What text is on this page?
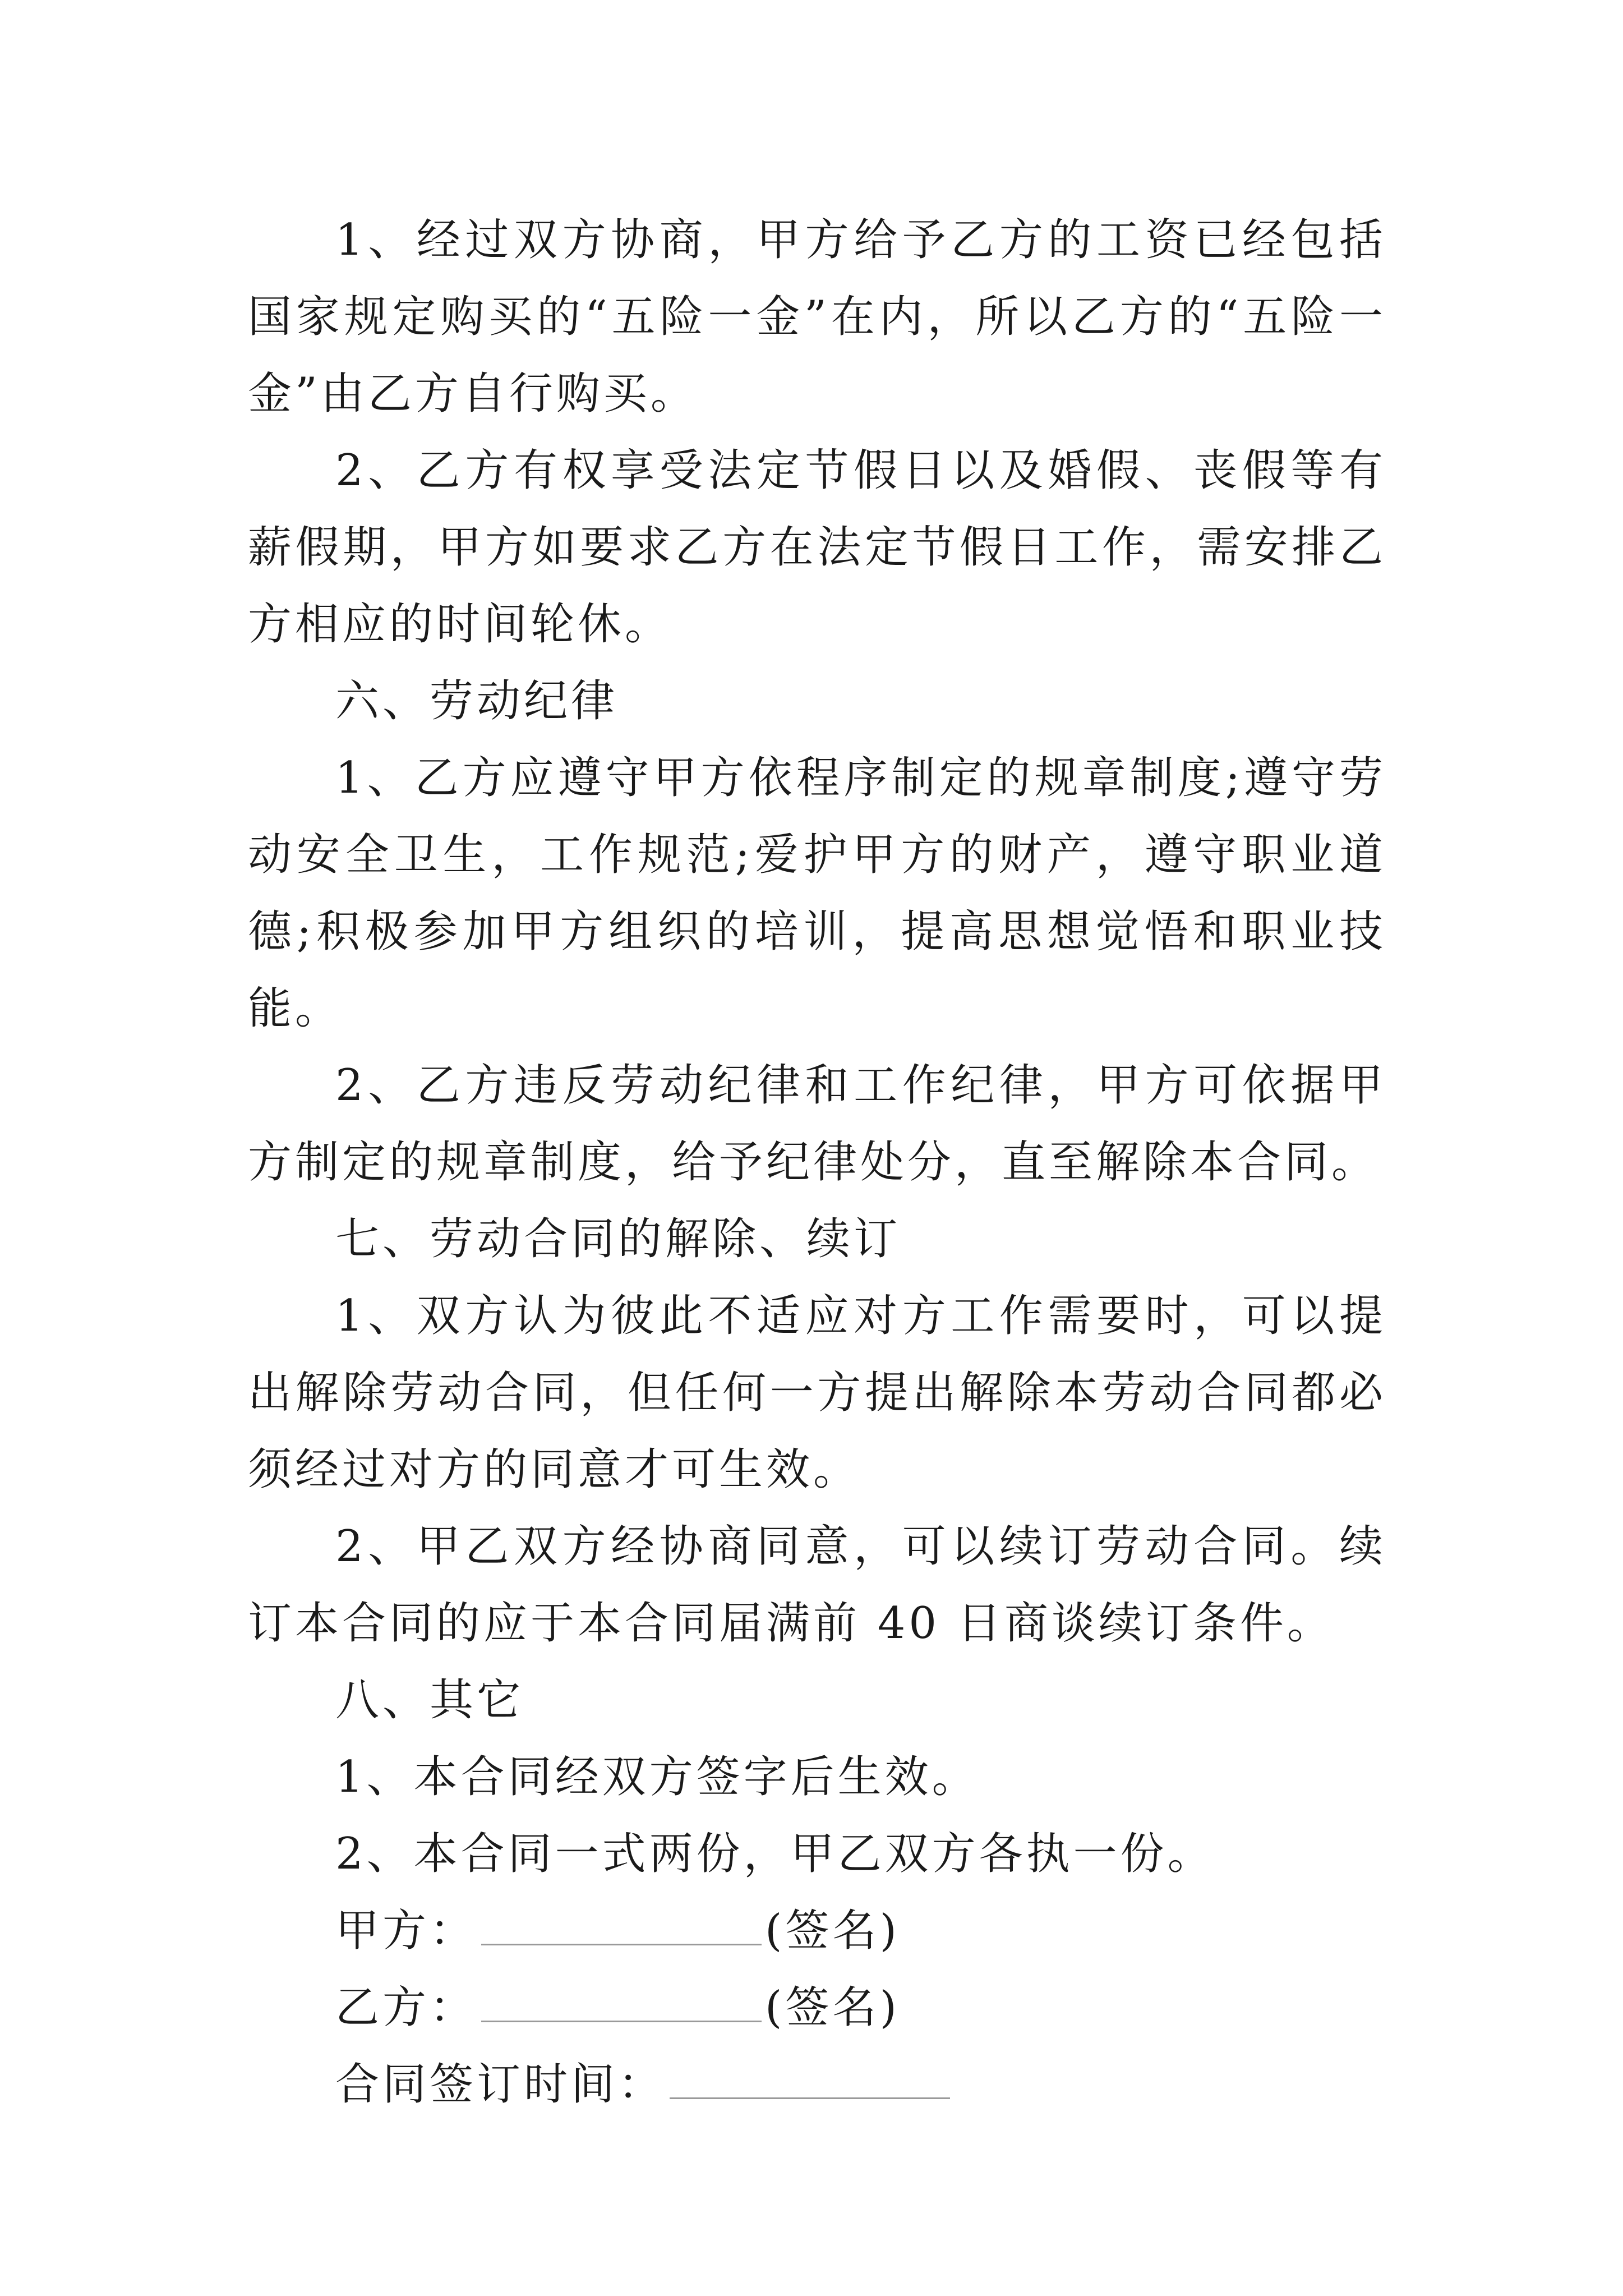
1、经过双方协商，甲方给予乙方的工资已经包括国家规定购买的“五险一金”在内，所以乙方的“五险一金”由乙方自行购买。

2、乙方有权享受法定节假日以及婚假、丧假等有薪假期，甲方如要求乙方在法定节假日工作，需安排乙方相应的时间轮休。

六、劳动纪律

1、乙方应遵守甲方依程序制定的规章制度;遵守劳动安全卫生，工作规范;爱护甲方的财产，遵守职业道德;积极参加甲方组织的培训，提高思想觉悟和职业技能。

2、乙方违反劳动纪律和工作纪律，甲方可依据甲方制定的规章制度，给予纪律处分，直至解除本合同。

七、劳动合同的解除、续订

1、双方认为彼此不适应对方工作需要时，可以提出解除劳动合同，但任何一方提出解除本劳动合同都必须经过对方的同意才可生效。

2、甲乙双方经协商同意，可以续订劳动合同。续订本合同的应于本合同届满前 40 日商谈续订条件。

八、其它

1、本合同经双方签字后生效。

2、本合同一式两份，甲乙双方各执一份。

甲方：	(签名)

乙方：	(签名)

合同签订时间：
